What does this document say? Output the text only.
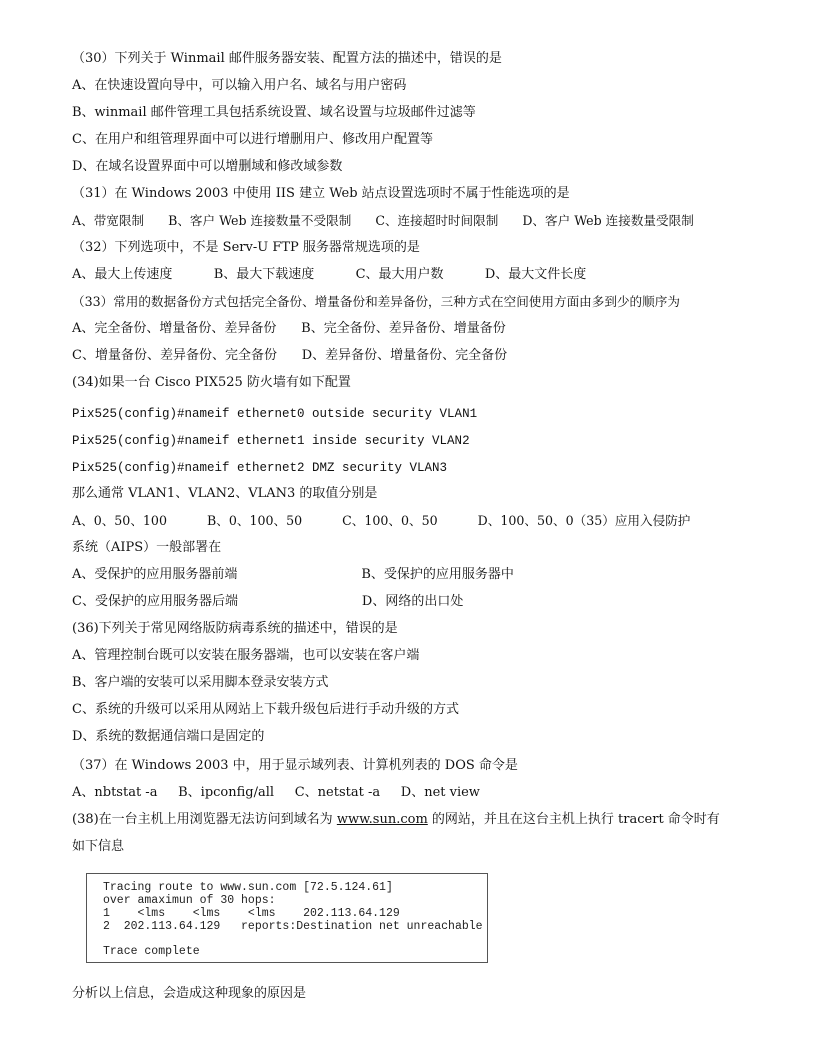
（30）下列关于 Winmail 邮件服务器安装、配置方法的描述中，错误的是
A、在快速设置向导中，可以输入用户名、域名与用户密码
B、winmail 邮件管理工具包括系统设置、域名设置与垃圾邮件过滤等
C、在用户和组管理界面中可以进行增删用户、修改用户配置等
D、在域名设置界面中可以增删域和修改域参数
（31）在 Windows 2003 中使用 IIS 建立 Web 站点设置选项时不属于性能选项的是
A、带宽限制      B、客户 Web 连接数量不受限制      C、连接超时时间限制      D、客户 Web 连接数量受限制
（32）下列选项中，不是 Serv-U FTP 服务器常规选项的是
A、最大上传速度          B、最大下载速度          C、最大用户数          D、最大文件长度
（33）常用的数据备份方式包括完全备份、增量备份和差异备份，三种方式在空间使用方面由多到少的顺序为
A、完全备份、增量备份、差异备份      B、完全备份、差异备份、增量备份
C、增量备份、差异备份、完全备份      D、差异备份、增量备份、完全备份
(34)如果一台 Cisco PIX525 防火墙有如下配置
Pix525(config)#nameif ethernet0 outside security VLAN1
Pix525(config)#nameif ethernet1 inside security VLAN2
Pix525(config)#nameif ethernet2 DMZ security VLAN3
那么通常 VLAN1、VLAN2、VLAN3 的取值分别是
A、0、50、100          B、0、100、50          C、100、0、50          D、100、50、0（35）应用入侵防护
系统（AIPS）一般部署在
A、受保护的应用服务器前端                              B、受保护的应用服务器中
C、受保护的应用服务器后端                              D、网络的出口处
(36)下列关于常见网络版防病毒系统的描述中，错误的是
A、管理控制台既可以安装在服务器端，也可以安装在客户端
B、客户端的安装可以采用脚本登录安装方式
C、系统的升级可以采用从网站上下载升级包后进行手动升级的方式
D、系统的数据通信端口是固定的
（37）在 Windows 2003 中，用于显示域列表、计算机列表的 DOS 命令是
A、nbtstat -a     B、ipconfig/all     C、netstat -a     D、net view
(38)在一台主机上用浏览器无法访问到域名为 www.sun.com 的网站，并且在这台主机上执行 tracert 命令时有
如下信息
Tracing route to www.sun.com [72.5.124.61]
over amaximun of 30 hops:
1    <lms    <lms    <lms    202.113.64.129
2  202.113.64.129   reports:Destination net unreachable
Trace complete
分析以上信息，会造成这种现象的原因是
